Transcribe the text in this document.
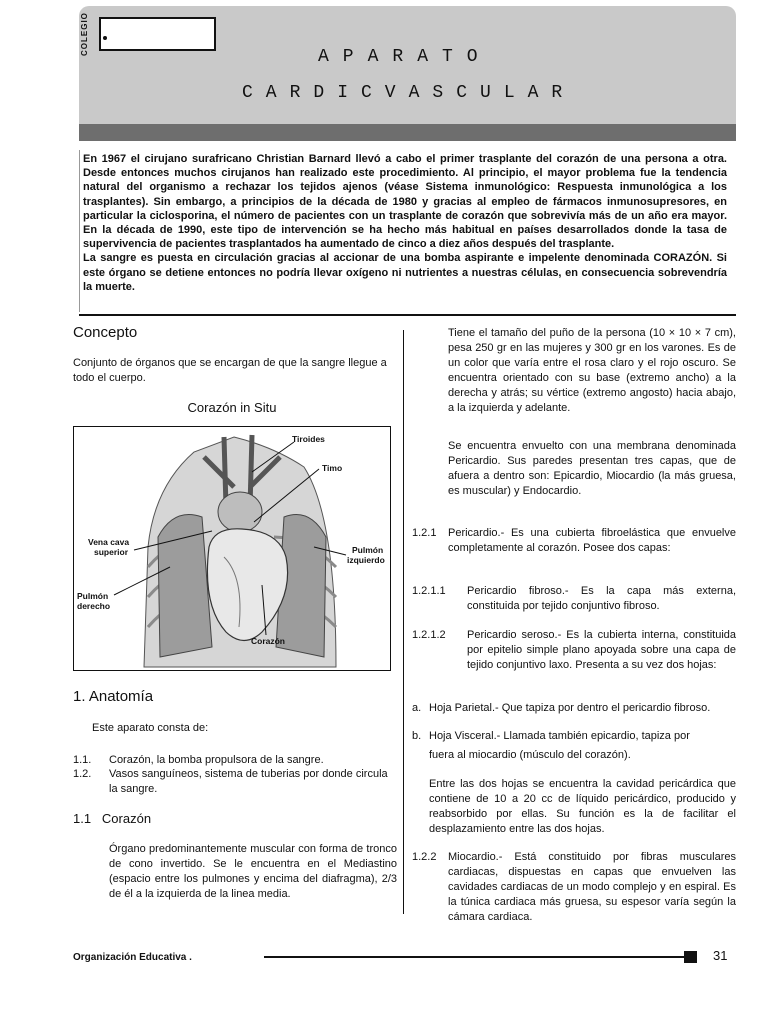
COLEGIO
APARATO
CARDICVASCULAR

En 1967 el cirujano surafricano Christian Barnard llevó a cabo el primer trasplante del corazón de una persona a otra. Desde entonces muchos cirujanos han realizado este procedimiento. Al principio, el mayor problema fue la tendencia natural del organismo a rechazar los tejidos ajenos (véase Sistema inmunológico: Respuesta inmunológica a los trasplantes). Sin embargo, a principios de la década de 1980 y gracias al empleo de fármacos inmunosupresores, en particular la ciclosporina, el número de pacientes con un trasplante de corazón que sobrevivía más de un año era mayor. En la década de 1990, este tipo de intervención se ha hecho más habitual en países desarrollados donde la tasa de supervivencia de pacientes trasplantados ha aumentado de cinco a diez años después del trasplante.

La sangre es puesta en circulación gracias al accionar de una bomba aspirante e impelente denominada CORAZÓN. Si este órgano se detiene entonces no podría llevar oxígeno ni nutrientes a nuestras células, en consecuencia sobrevendría la muerte.

Concepto
Conjunto de órganos que se encargan de que la sangre llegue a todo el cuerpo.
Corazón in Situ
Tiroides
Timo
Vena cava
superior	Pulmón
izquierdo
Pulmón
derecho
Corazón
1. Anatomía
Este aparato consta de:
1.1.	Corazón, la bomba propulsora de la sangre.
1.2.	Vasos sanguíneos, sistema de tuberias por donde circula la sangre.
1.1   Corazón
Órgano predominantemente muscular con forma de tronco de cono invertido. Se le encuentra en el Mediastino (espacio entre los pulmones y encima del diafragma), 2/3 de él a la izquierda de la linea media.
Tiene el tamaño del puño de la persona (10 × 10 × 7 cm), pesa 250 gr en las mujeres y 300 gr en los varones. Es de un color que varía entre el rosa claro y el rojo oscuro. Se encuentra orientado con su base (extremo ancho) a la derecha y atrás; su vértice (extremo angosto) hacia abajo, a la izquierda y adelante.
Se encuentra envuelto con una membrana denominada Pericardio. Sus paredes presentan tres capas, que de afuera a dentro son: Epicardio, Miocardio (la más gruesa, es muscular) y Endocardio.
1.2.1 Pericardio.- Es una cubierta fibroelástica que envuelve completamente al corazón. Posee dos capas:
1.2.1.1 Pericardio fibroso.- Es la capa más externa, constituida por tejido conjuntivo fibroso.
1.2.1.2 Pericardio seroso.- Es la cubierta interna, constituida por epitelio simple plano apoyada sobre una capa de tejido conjuntivo laxo. Presenta a su vez dos hojas:
a. Hoja Parietal.- Que tapiza por dentro el pericardio fibroso.
b. Hoja Visceral.- Llamada también epicardio, tapiza por
fuera al miocardio (músculo del corazón).
Entre las dos hojas se encuentra la cavidad pericárdica que contiene de 10 a 20 cc de líquido pericárdico, producido y reabsorbido por ellas. Su función es la de facilitar el desplazamiento entre las dos hojas.
1.2.2 Miocardio.- Está constituido por fibras musculares cardiacas, dispuestas en capas que envuelven las cavidades cardiacas de un modo complejo y en espiral. Es la túnica cardiaca más gruesa, su espesor varía según la cámara cardiaca.
Organización Educativa .	31
